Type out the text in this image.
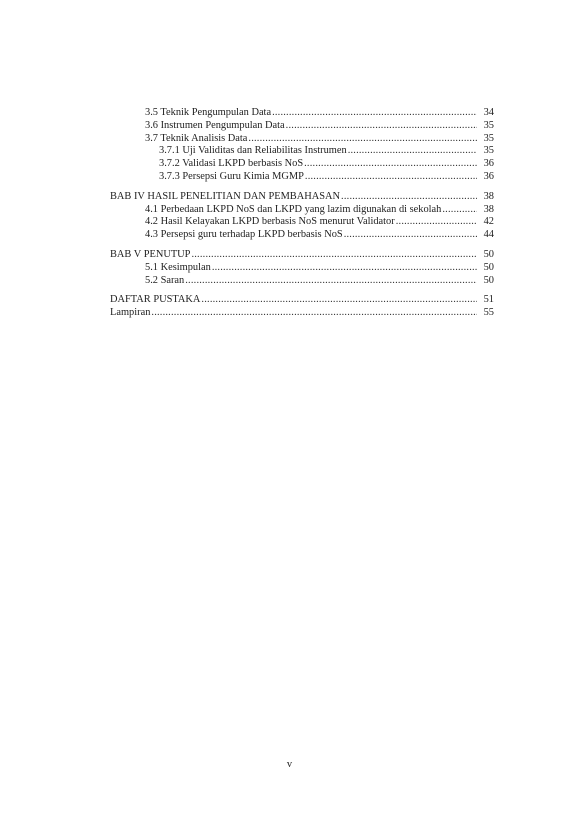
3.5 Teknik Pengumpulan Data .....	34
3.6 Instrumen Pengumpulan Data .....	35
3.7 Teknik Analisis Data .....	35
3.7.1 Uji Validitas dan Reliabilitas Instrumen .....	35
3.7.2 Validasi LKPD berbasis NoS .....	36
3.7.3 Persepsi Guru Kimia MGMP .....	36
BAB IV HASIL PENELITIAN DAN PEMBAHASAN .....	38
4.1 Perbedaan LKPD NoS dan LKPD yang lazim digunakan di sekolah .....	38
4.2 Hasil Kelayakan LKPD berbasis NoS menurut Validator .....	42
4.3 Persepsi guru terhadap LKPD berbasis NoS .....	44
BAB V PENUTUP .....	50
5.1 Kesimpulan .....	50
5.2 Saran .....	50
DAFTAR PUSTAKA .....	51
Lampiran .....	55
v
